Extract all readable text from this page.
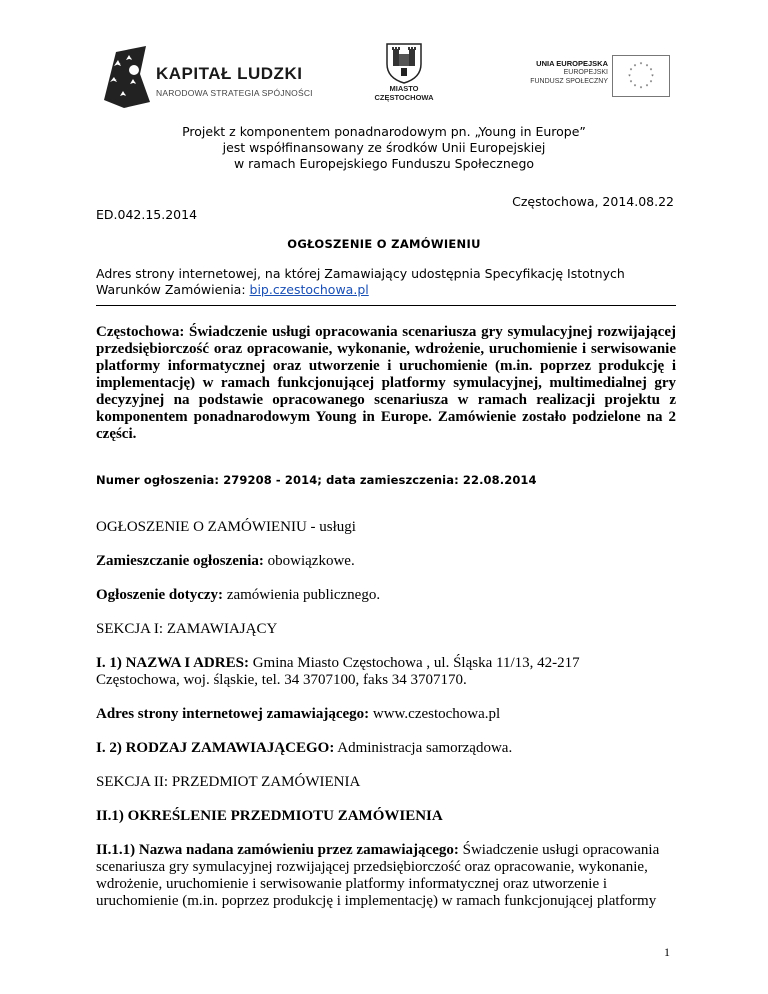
KAPITAŁ LUDZKI
NARODOWA STRATEGIA SPÓJNOŚCI	MIASTO
CZĘSTOCHOWA
UNIA EUROPEJSKA
EUROPEJSKI
FUNDUSZ SPOŁECZNY
* *
*
*
*
*
*
*
*
*
*
*
Projekt z komponentem ponadnarodowym pn. „Young in Europe”
jest współfinansowany ze środków Unii Europejskiej
w ramach Europejskiego Funduszu Społecznego
Częstochowa, 2014.08.22
ED.042.15.2014
OGŁOSZENIE O ZAMÓWIENIU
Adres strony internetowej, na której Zamawiający udostępnia Specyfikację Istotnych
Warunków Zamówienia: bip.czestochowa.pl
Częstochowa: Świadczenie usługi opracowania scenariusza gry symulacyjnej rozwijającej przedsiębiorczość oraz opracowanie, wykonanie, wdrożenie, uruchomienie i serwisowanie platformy informatycznej oraz utworzenie i uruchomienie (m.in. poprzez produkcję i implementację) w ramach funkcjonującej platformy symulacyjnej, multimedialnej gry decyzyjnej na podstawie opracowanego scenariusza w ramach realizacji projektu z komponentem ponadnarodowym Young in Europe. Zamówienie zostało podzielone na 2 części.
Numer ogłoszenia: 279208 - 2014; data zamieszczenia: 22.08.2014
OGŁOSZENIE O ZAMÓWIENIU - usługi
Zamieszczanie ogłoszenia: obowiązkowe.
Ogłoszenie dotyczy: zamówienia publicznego.
SEKCJA I: ZAMAWIAJĄCY
I. 1) NAZWA I ADRES: Gmina Miasto Częstochowa , ul. Śląska 11/13, 42-217
Częstochowa, woj. śląskie, tel. 34 3707100, faks 34 3707170.
Adres strony internetowej zamawiającego: www.czestochowa.pl
I. 2) RODZAJ ZAMAWIAJĄCEGO: Administracja samorządowa.
SEKCJA II: PRZEDMIOT ZAMÓWIENIA
II.1) OKREŚLENIE PRZEDMIOTU ZAMÓWIENIA
II.1.1) Nazwa nadana zamówieniu przez zamawiającego: Świadczenie usługi opracowania
scenariusza gry symulacyjnej rozwijającej przedsiębiorczość oraz opracowanie, wykonanie,
wdrożenie, uruchomienie i serwisowanie platformy informatycznej oraz utworzenie i
uruchomienie (m.in. poprzez produkcję i implementację) w ramach funkcjonującej platformy
1
